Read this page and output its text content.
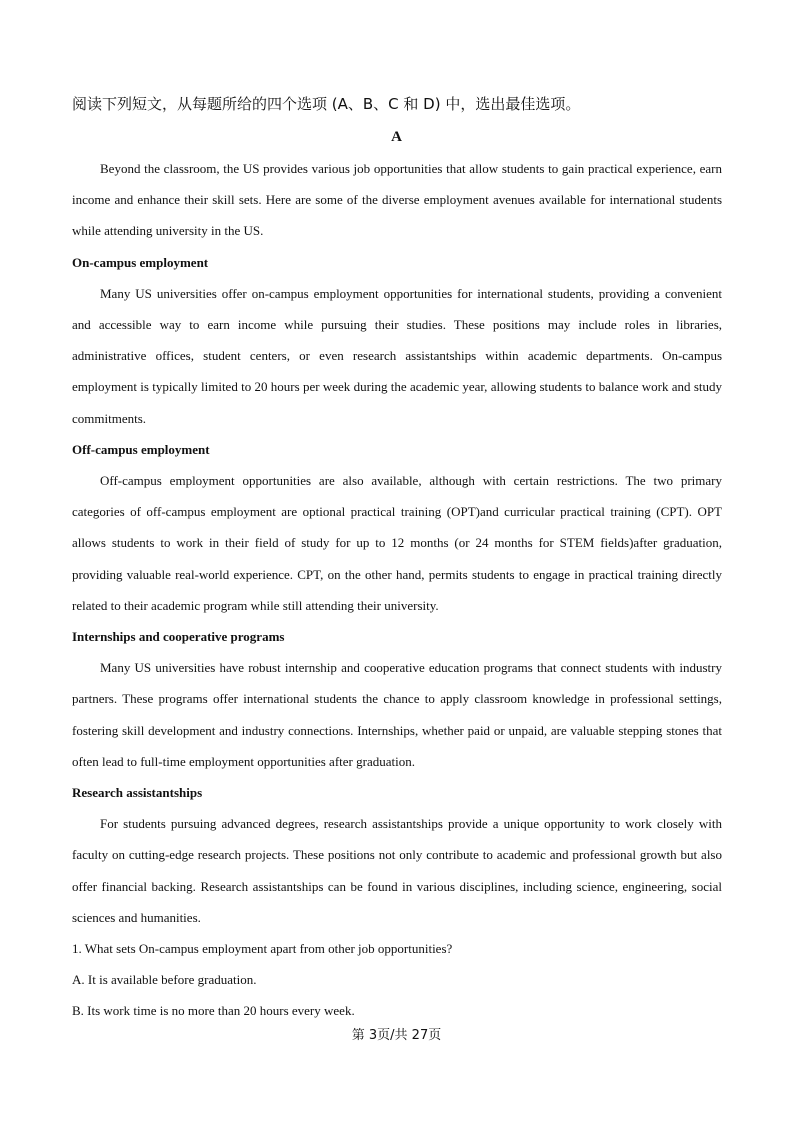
阅读下列短文，从每题所给的四个选项 (A、B、C 和 D) 中，选出最佳选项。
A

Beyond the classroom, the US provides various job opportunities that allow students to gain practical experience, earn income and enhance their skill sets. Here are some of the diverse employment avenues available for international students while attending university in the US.

On-campus employment

Many US universities offer on-campus employment opportunities for international students, providing a convenient and accessible way to earn income while pursuing their studies. These positions may include roles in libraries, administrative offices, student centers, or even research assistantships within academic departments. On-campus employment is typically limited to 20 hours per week during the academic year, allowing students to balance work and study commitments.

Off-campus employment

Off-campus employment opportunities are also available, although with certain restrictions. The two primary categories of off-campus employment are optional practical training (OPT)and curricular practical training (CPT). OPT allows students to work in their field of study for up to 12 months (or 24 months for STEM fields)after graduation, providing valuable real-world experience. CPT, on the other hand, permits students to engage in practical training directly related to their academic program while still attending their university.

Internships and cooperative programs

Many US universities have robust internship and cooperative education programs that connect students with industry partners. These programs offer international students the chance to apply classroom knowledge in professional settings, fostering skill development and industry connections. Internships, whether paid or unpaid, are valuable stepping stones that often lead to full-time employment opportunities after graduation.

Research assistantships

For students pursuing advanced degrees, research assistantships provide a unique opportunity to work closely with faculty on cutting-edge research projects. These positions not only contribute to academic and professional growth but also offer financial backing. Research assistantships can be found in various disciplines, including science, engineering, social sciences and humanities.

1. What sets On-campus employment apart from other job opportunities?

A. It is available before graduation.

B. Its work time is no more than 20 hours every week.

第 3页/共 27页
